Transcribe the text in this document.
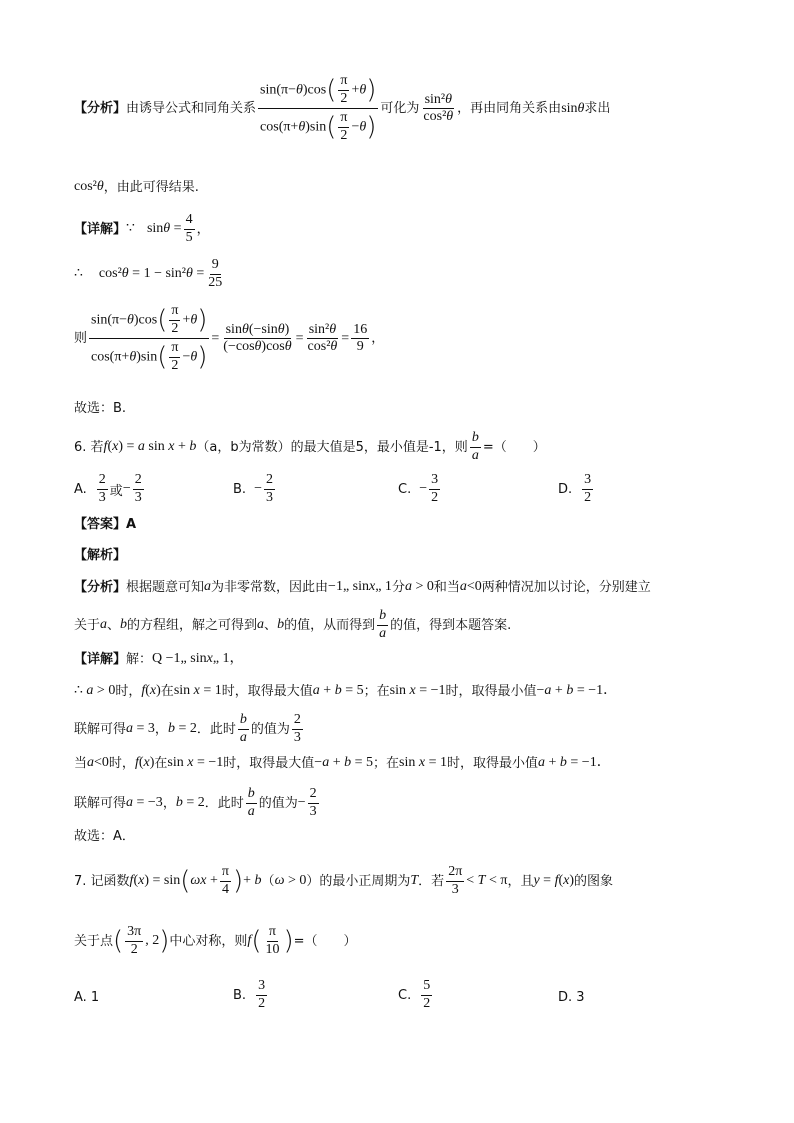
【分析】 由诱导公式和同角关系
$\sin(\pi-\theta)\cos( \frac{\pi}{2} +\theta)$
$\cos(\pi+\theta)\sin( \frac{\pi}{2} -\theta)$
可化为
sin²θ
cos²θ
，再由同角关系由 sinθ 求出
cos²θ ，由此可得结果.
【详解】 ∵ $\sin\theta = \frac{4}{5}$ ，
∴ $\cos^2\theta = 1 - \sin^2\theta = \frac{9}{25}$
则 $\frac{\sin(\pi-\theta)\cos( \frac{\pi}{2} +\theta)}{\cos(\pi+\theta)\sin( \frac{\pi}{2} -\theta)} = \frac{\sin\theta(-\sin\theta)}{(-\cos\theta)\cos\theta} = \frac{\text{sin²θ}}{\text{cos²θ}} = \frac{16}{9}$ ，
故选：B.
6. 若 f(x) = a sin x + b （a，b为常数）的最大值是5，最小值是-1，则 $\frac{b}{a}$ =（　　）
A.
2
3 或 − $\frac{2}{3}$	B. − $\frac{2}{3}$	C. − $\frac{3}{2}$	D.
3
2
【答案】A
【解析】
【分析】 根据题意可知 a 为非零常数，因此由 −1„ sinx„ 1 分 a > 0 和当 a<0 两种情况加以讨论，分别建立
关于 a 、 b 的方程组，解之可得到 a 、 b 的值，从而得到
b
a
的值，得到本题答案.
【详解】 解： Q −1„ sinx„ 1，
∴ a > 0 时， f(x) 在 sin x = 1 时，取得最大值 a + b = 5 ；在 sin x = −1 时，取得最小值 −a + b = −1．
联解可得 a = 3 ， b = 2 ．此时
b
a
的值为
2
3
当 a<0 时， f(x) 在 sin x = −1 时，取得最大值 −a + b = 5 ；在 sin x = 1 时，取得最小值 a + b = −1．
联解可得 a = −3 ， b = 2 ．此时
b
a
的值为 − $\frac{2}{3}$
故选：A．
7. 记函数 f(x) = sin ( $\omega x + \frac{\pi}{4}$ ) + b （ ω > 0 ）的最小正周期为 T ．若
2π
3
< T < π ，且 y = f(x) 的图象
关于点 ( 3π
2
, 2 ) 中心对称，则 f ( π
10 ) =（　　）
A. 1	B.
3
2
C.
5
2	D. 3
